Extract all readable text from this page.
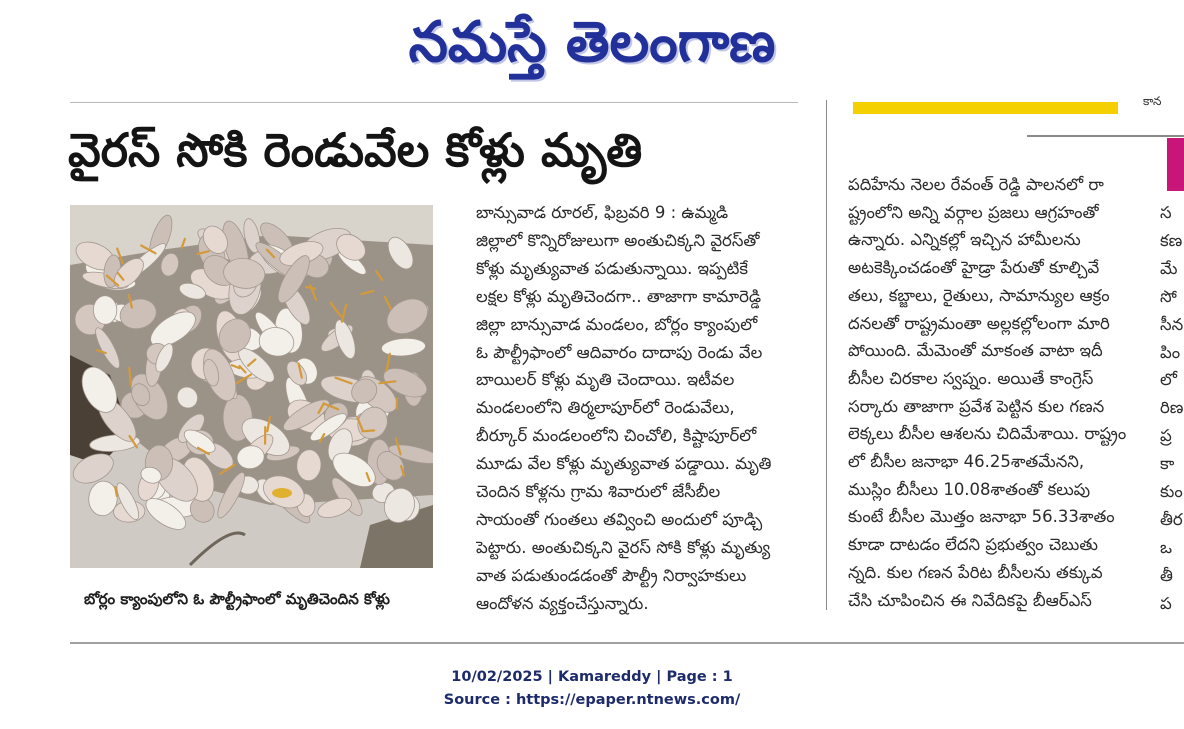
నమస్తే తెలంగాణ
కాన
వైరస్ సోకి రెండువేల కోళ్లు మృతి
బోర్లం క్యాంపులోని ఓ పౌల్ట్రీఫాంలో మృతిచెందిన కోళ్లు
బాన్సువాడ రూరల్, ఫిబ్రవరి 9 : ఉమ్మడి
జిల్లాలో కొన్నిరోజులుగా అంతుచిక్కని వైరస్‌తో
కోళ్లు మృత్యువాత పడుతున్నాయి. ఇప్పటికే
లక్షల కోళ్లు మృతిచెందగా.. తాజాగా కామారెడ్డి
జిల్లా బాన్సువాడ మండలం, బోర్లం క్యాంపులో
ఓ పౌల్ట్రీఫాంలో ఆదివారం దాదాపు రెండు వేల
బాయిలర్ కోళ్లు మృతి చెందాయి. ఇటీవల
మండలంలోని తిర్మలాపూర్‌లో రెండువేలు,
బీర్కూర్ మండలంలోని చించోలి, కిష్టాపూర్‌లో
మూడు వేల కోళ్లు మృత్యువాత పడ్డాయి. మృతి
చెందిన కోళ్లను గ్రామ శివారులో జేసీబీల
సాయంతో గుంతలు తవ్వించి అందులో పూడ్చి
పెట్టారు. అంతుచిక్కని వైరస్ సోకి కోళ్లు మృత్యు
వాత పడుతుండడంతో పౌల్ట్రీ నిర్వాహకులు
ఆందోళన వ్యక్తంచేస్తున్నారు.
పదిహేను నెలల రేవంత్ రెడ్డి పాలనలో రా
ష్ట్రంలోని అన్ని వర్గాల ప్రజలు ఆగ్రహంతో
ఉన్నారు. ఎన్నికల్లో ఇచ్చిన హామీలను
అటకెక్కించడంతో హైడ్రా పేరుతో కూల్చివే
తలు, కబ్జాలు, రైతులు, సామాన్యుల ఆక్రం
దనలతో రాష్ట్రమంతా అల్లకల్లోలంగా మారి
పోయింది. మేమెంతో మాకంత వాటా ఇదీ
బీసీల చిరకాల స్వప్నం. అయితే కాంగ్రెస్
సర్కారు తాజాగా ప్రవేశ పెట్టిన కుల గణన
లెక్కలు బీసీల ఆశలను చిదిమేశాయి. రాష్ట్రం
లో బీసీల జనాభా 46.25శాతమేనని,
ముస్లిం బీసీలు 10.08శాతంతో కలుపు
కుంటే బీసీల మొత్తం జనాభా 56.33శాతం
కూడా దాటడం లేదని ప్రభుత్వం చెబుతు
న్నది. కుల గణన పేరిట బీసీలను తక్కువ
చేసి చూపించిన ఈ నివేదికపై బీఆర్ఎస్
స
కణ
మే
సో
సీన
పిం
లో
రిణ
ప్ర
కా
కుం
తీర
ఒ
తీ
ప
10/02/2025 | Kamareddy | Page : 1
Source : https://epaper.ntnews.com/
